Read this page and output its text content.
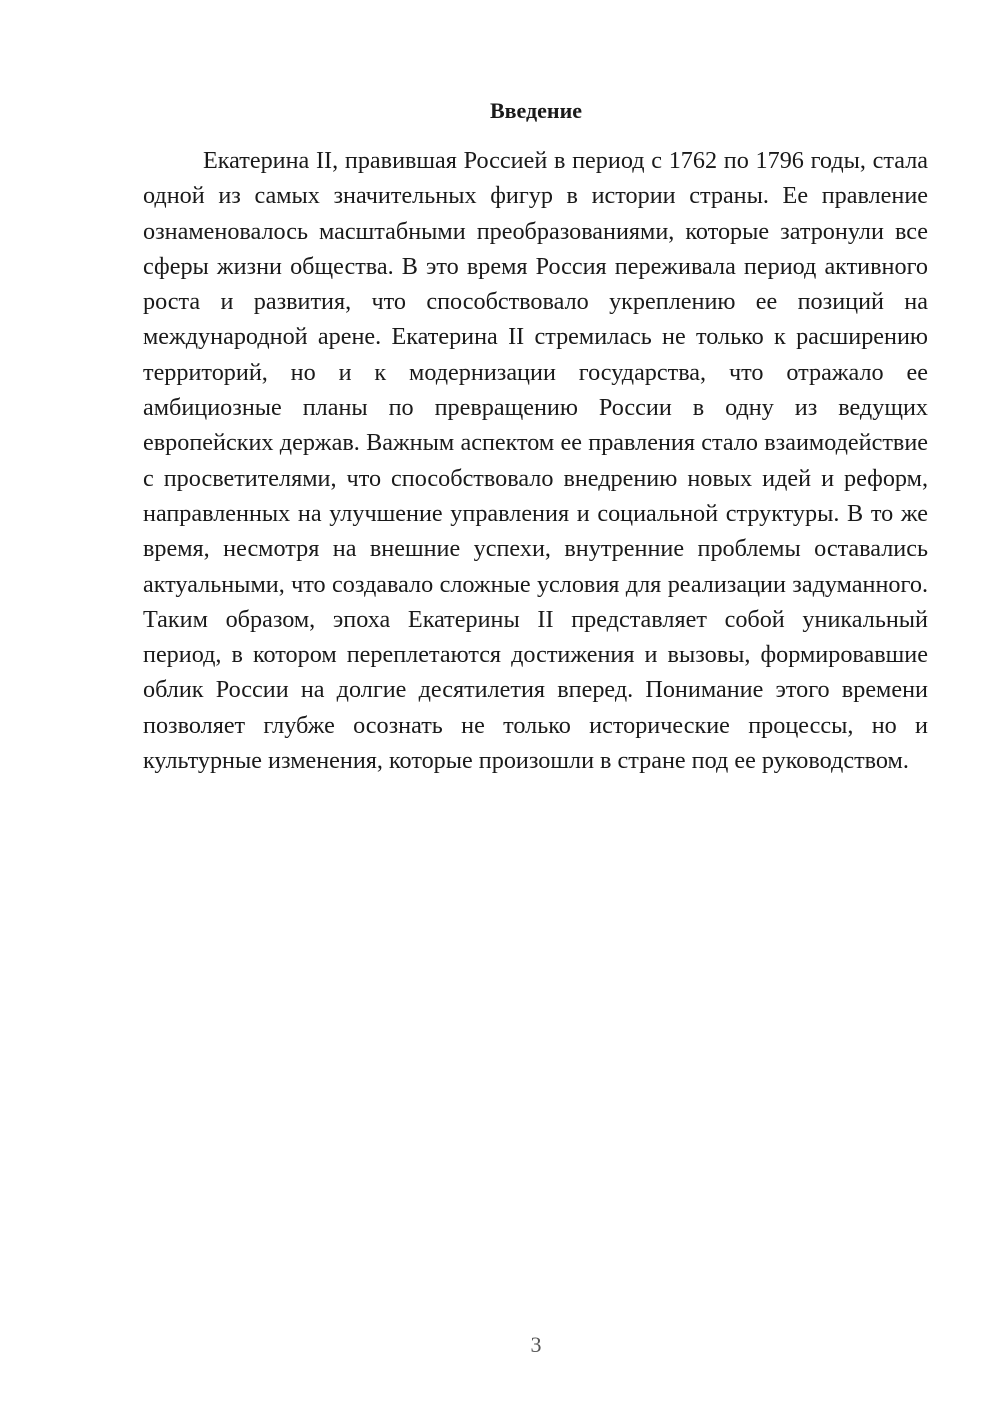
Введение

Екатерина II, правившая Россией в период с 1762 по 1796 годы, стала одной из самых значительных фигур в истории страны. Ее правление ознаменовалось масштабными преобразованиями, которые затронули все сферы жизни общества. В это время Россия переживала период активного роста и развития, что способствовало укреплению ее позиций на международной арене. Екатерина II стремилась не только к расширению территорий, но и к модернизации государства, что отражало ее амбициозные планы по превращению России в одну из ведущих европейских держав. Важным аспектом ее правления стало взаимодействие с просветителями, что способствовало внедрению новых идей и реформ, направленных на улучшение управления и социальной структуры. В то же время, несмотря на внешние успехи, внутренние проблемы оставались актуальными, что создавало сложные условия для реализации задуманного. Таким образом, эпоха Екатерины II представляет собой уникальный период, в котором переплетаются достижения и вызовы, формировавшие облик России на долгие десятилетия вперед. Понимание этого времени позволяет глубже осознать не только исторические процессы, но и культурные изменения, которые произошли в стране под ее руководством.

3
